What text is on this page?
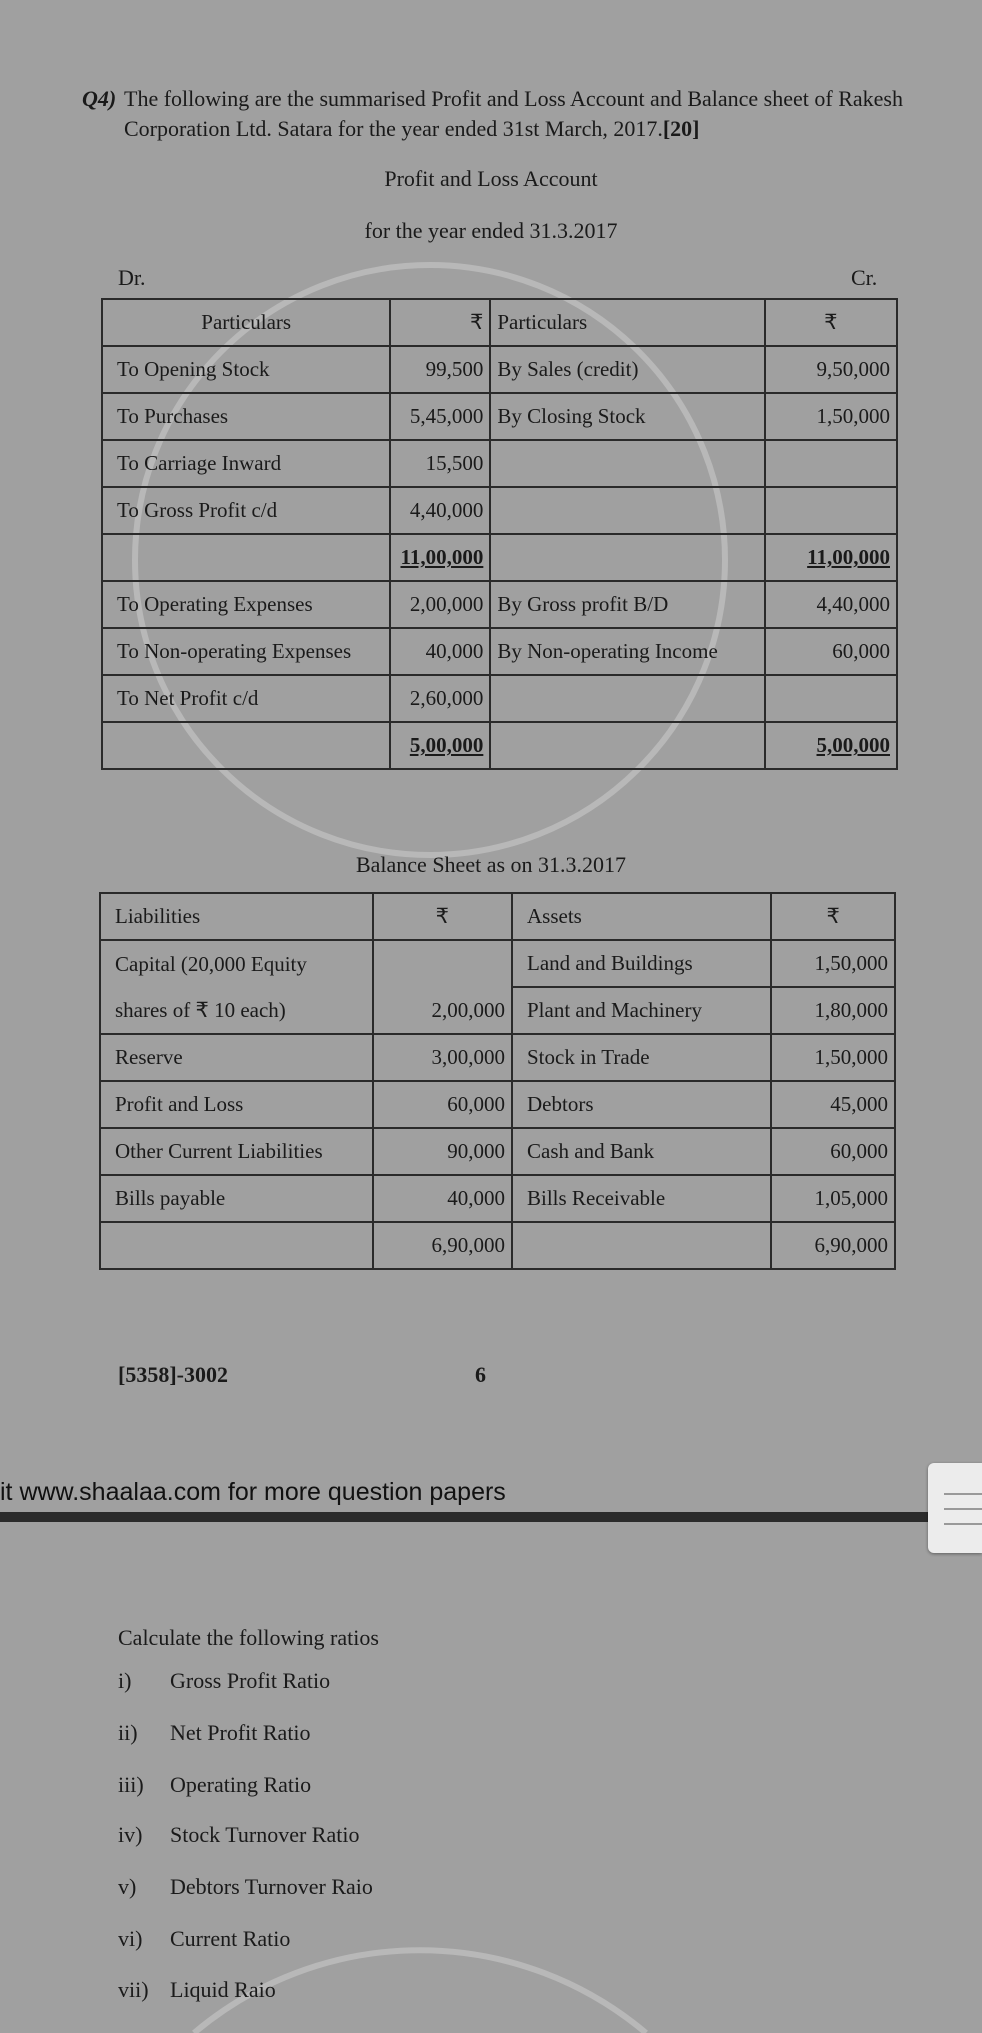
Q4) The following are the summarised Profit and Loss Account and Balance sheet of Rakesh Corporation Ltd. Satara for the year ended 31st March, 2017.[20]
Profit and Loss Account
for the year ended 31.3.2017
Dr.	Cr.
Particulars	₹	Particulars	₹
To Opening Stock	99,500	By Sales (credit)	9,50,000
To Purchases	5,45,000	By Closing Stock	1,50,000
To Carriage Inward	15,500		
To Gross Profit c/d	4,40,000		
	11,00,000		11,00,000
To Operating Expenses	2,00,000	By Gross profit B/D	4,40,000
To Non-operating Expenses	40,000	By Non-operating Income	60,000
To Net Profit c/d	2,60,000		
	5,00,000		5,00,000
Balance Sheet as on 31.3.2017
Liabilities	₹	Assets	₹
Capital (20,000 Equity		Land and Buildings	1,50,000
shares of ₹ 10 each)	2,00,000	Plant and Machinery	1,80,000
Reserve	3,00,000	Stock in Trade	1,50,000
Profit and Loss	60,000	Debtors	45,000
Other Current Liabilities	90,000	Cash and Bank	60,000
Bills payable	40,000	Bills Receivable	1,05,000
	6,90,000		6,90,000
[5358]-3002	6
it www.shaalaa.com for more question papers
Calculate the following ratios
i) Gross Profit Ratio
ii) Net Profit Ratio
iii) Operating Ratio
iv) Stock Turnover Ratio
v) Debtors Turnover Raio
vi) Current Ratio
vii) Liquid Raio
